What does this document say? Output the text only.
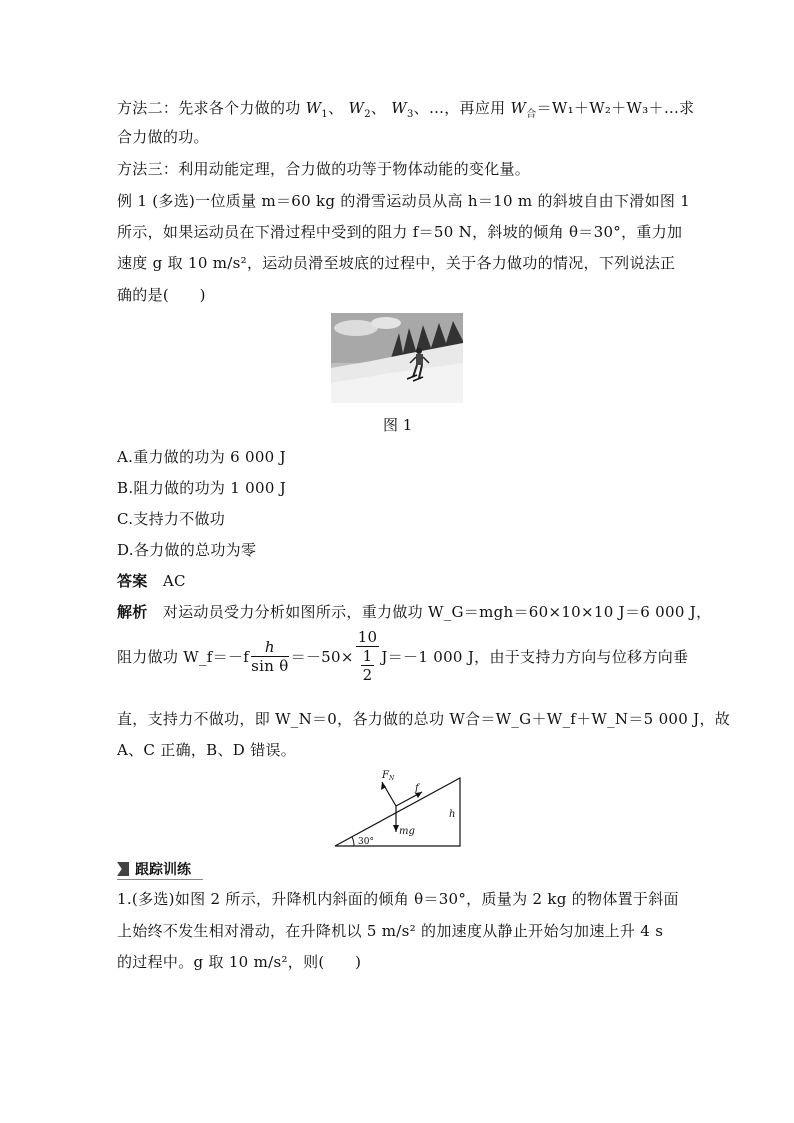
方法二：先求各个力做的功 $W_1$、 $W_2$、 $W_3$、…，再应用 $W_合=W_1+W_2+W_3+\dots$求
合力做的功。
方法三：利用动能定理，合力做的功等于物体动能的变化量。
例 1 (多选)一位质量 m＝60 kg 的滑雪运动员从高 h＝10 m 的斜坡自由下滑如图 1
所示，如果运动员在下滑过程中受到的阻力 f＝50 N，斜坡的倾角 θ＝30°，重力加
速度 g 取 10 m/s²，运动员滑至坡底的过程中，关于各力做功的情况，下列说法正
确的是(　　)
图 1
A.重力做的功为 6 000 J
B.阻力做的功为 1 000 J
C.支持力不做功
D.各力做的总功为零
答案 AC
解析 对运动员受力分析如图所示，重力做功 W_G＝mgh＝60×10×10 J＝6 000 J，
阻力做功 W_f＝－f $\frac{h}{\text{sin θ}} =-50\times \frac{10}{\frac{1}{2}} J=-1$ 000 J，由于支持力方向与位移方向垂
直，支持力不做功，即 W_N＝0，各力做的总功 W合＝W_G＋W_f＋W_N＝5 000 J，故
A、C 正确，B、D 错误。
$F_N$
f
mg
h
30°
跟踪训练
1.(多选)如图 2 所示，升降机内斜面的倾角 θ＝30°，质量为 2 kg 的物体置于斜面
上始终不发生相对滑动，在升降机以 5 m/s² 的加速度从静止开始匀加速上升 4 s
的过程中。g 取 10 m/s²，则(　　)
